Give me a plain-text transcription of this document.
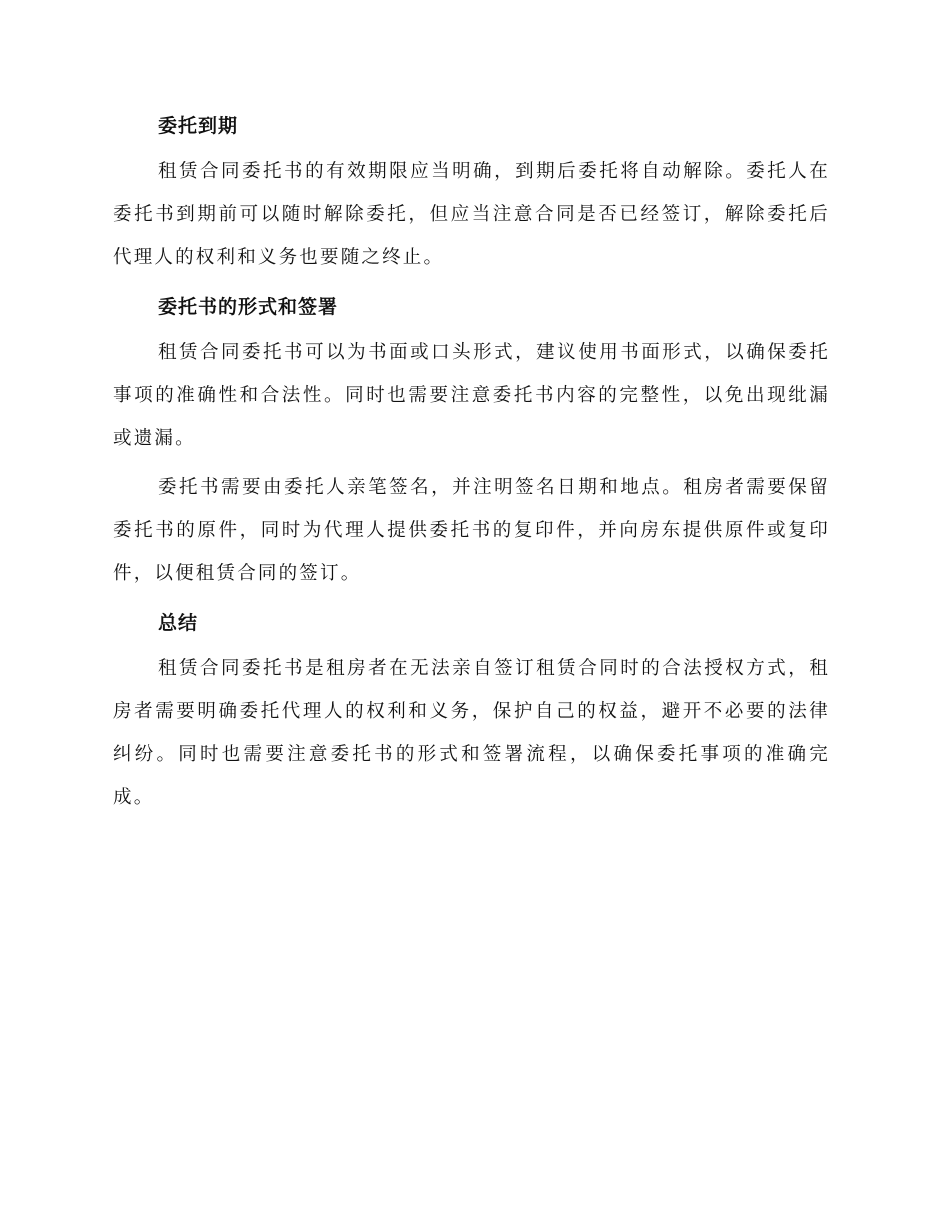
委托到期

租赁合同委托书的有效期限应当明确，到期后委托将自动解除。委托人在委托书到期前可以随时解除委托，但应当注意合同是否已经签订，解除委托后代理人的权利和义务也要随之终止。

委托书的形式和签署

租赁合同委托书可以为书面或口头形式，建议使用书面形式，以确保委托事项的准确性和合法性。同时也需要注意委托书内容的完整性，以免出现纰漏或遗漏。

委托书需要由委托人亲笔签名，并注明签名日期和地点。租房者需要保留委托书的原件，同时为代理人提供委托书的复印件，并向房东提供原件或复印件，以便租赁合同的签订。

总结

租赁合同委托书是租房者在无法亲自签订租赁合同时的合法授权方式，租房者需要明确委托代理人的权利和义务，保护自己的权益，避开不必要的法律纠纷。同时也需要注意委托书的形式和签署流程，以确保委托事项的准确完成。
